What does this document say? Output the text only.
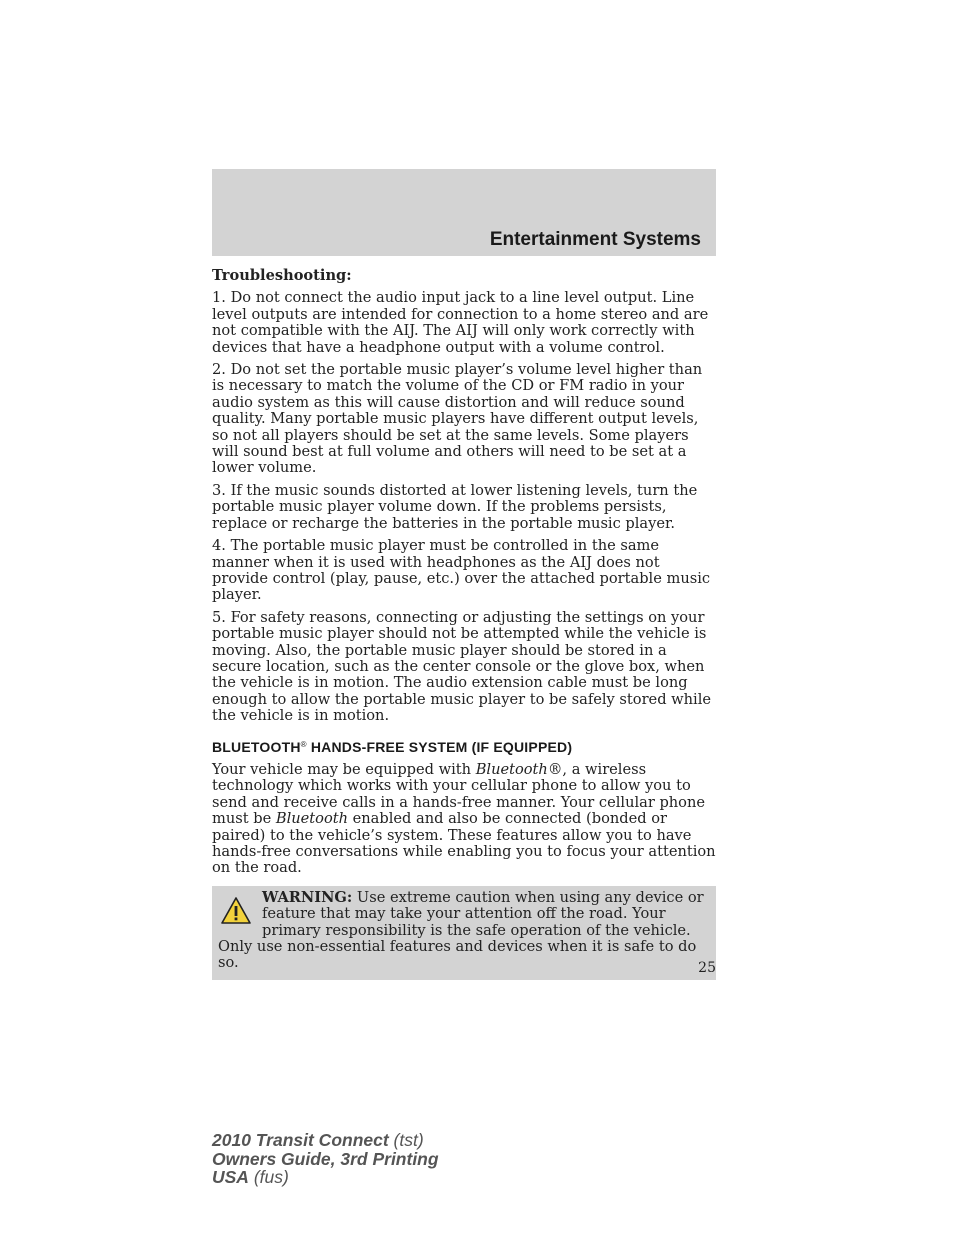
Entertainment Systems

Troubleshooting:

1. Do not connect the audio input jack to a line level output. Line level outputs are intended for connection to a home stereo and are not compatible with the AIJ. The AIJ will only work correctly with devices that have a headphone output with a volume control.

2. Do not set the portable music player’s volume level higher than is necessary to match the volume of the CD or FM radio in your audio system as this will cause distortion and will reduce sound quality. Many portable music players have different output levels, so not all players should be set at the same levels. Some players will sound best at full volume and others will need to be set at a lower volume.

3. If the music sounds distorted at lower listening levels, turn the portable music player volume down. If the problems persists, replace or recharge the batteries in the portable music player.

4. The portable music player must be controlled in the same manner when it is used with headphones as the AIJ does not provide control (play, pause, etc.) over the attached portable music player.

5. For safety reasons, connecting or adjusting the settings on your portable music player should not be attempted while the vehicle is moving. Also, the portable music player should be stored in a secure location, such as the center console or the glove box, when the vehicle is in motion. The audio extension cable must be long enough to allow the portable music player to be safely stored while the vehicle is in motion.

BLUETOOTH® HANDS-FREE SYSTEM (IF EQUIPPED)

Your vehicle may be equipped with Bluetooth®, a wireless technology which works with your cellular phone to allow you to send and receive calls in a hands-free manner. Your cellular phone must be Bluetooth enabled and also be connected (bonded or paired) to the vehicle’s system. These features allow you to have hands-free conversations while enabling you to focus your attention on the road.

WARNING: Use extreme caution when using any device or feature that may take your attention off the road. Your primary responsibility is the safe operation of the vehicle. Only use non-essential features and devices when it is safe to do so.	25
2010 Transit Connect (tst)
Owners Guide, 3rd Printing
USA (fus)
